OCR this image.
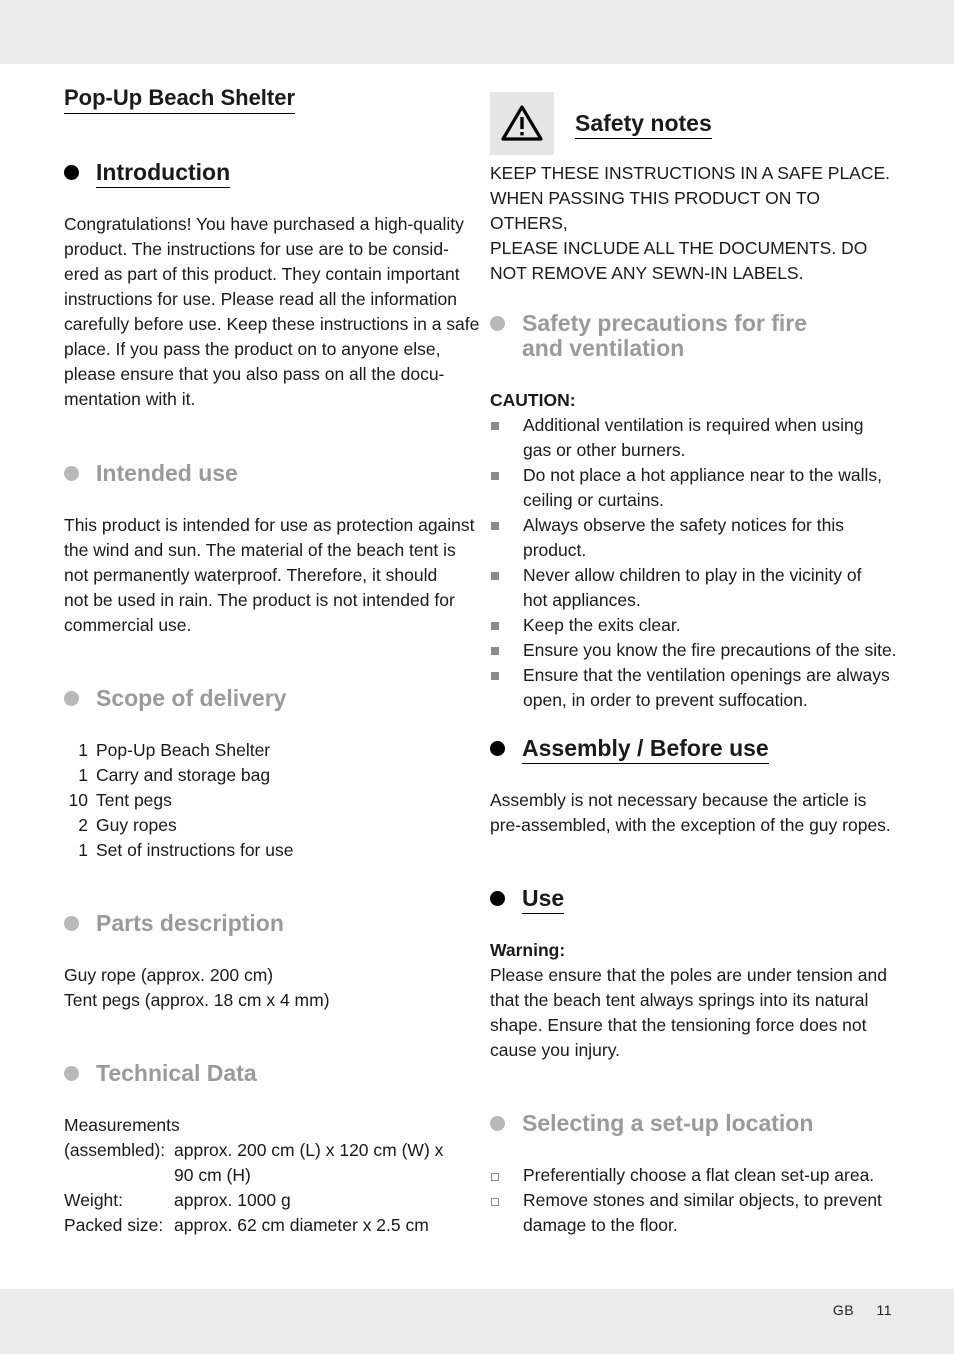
Pop-Up Beach Shelter
Introduction
Congratulations! You have purchased a high-quality
product. The instructions for use are to be consid-
ered as part of this product. They contain important
instructions for use. Please read all the information
carefully before use. Keep these instructions in a safe
place. If you pass the product on to anyone else,
please ensure that you also pass on all the docu-
mentation with it.
Intended use
This product is intended for use as protection against
the wind and sun. The material of the beach tent is
not permanently waterproof. Therefore, it should
not be used in rain. The product is not intended for
commercial use.
Scope of delivery
1 Pop-Up Beach Shelter
1 Carry and storage bag
10 Tent pegs
2 Guy ropes
1 Set of instructions for use
Parts description
Guy rope (approx. 200 cm)
Tent pegs (approx. 18 cm x 4 mm)
Technical Data
Measurements
(assembled): approx. 200 cm (L) x 120 cm (W) x
90 cm (H)
Weight:	approx. 1000 g
Packed size: approx. 62 cm diameter x 2.5 cm
Safety notes
KEEP THESE INSTRUCTIONS IN A SAFE PLACE.
WHEN PASSING THIS PRODUCT ON TO OTHERS,
PLEASE INCLUDE ALL THE DOCUMENTS. DO
NOT REMOVE ANY SEWN-IN LABELS.
Safety precautions for fire
and ventilation
CAUTION:
Additional ventilation is required when using
gas or other burners.
Do not place a hot appliance near to the walls,
ceiling or curtains.
Always observe the safety notices for this product.
Never allow children to play in the vicinity of
hot appliances.
Keep the exits clear.
Ensure you know the fire precautions of the site.
Ensure that the ventilation openings are always
open, in order to prevent suffocation.
Assembly / Before use
Assembly is not necessary because the article is
pre-assembled, with the exception of the guy ropes.
Use
Warning:
Please ensure that the poles are under tension and
that the beach tent always springs into its natural
shape. Ensure that the tensioning force does not
cause you injury.
Selecting a set-up location
Preferentially choose a flat clean set-up area.
Remove stones and similar objects, to prevent
damage to the floor.
GB 11
